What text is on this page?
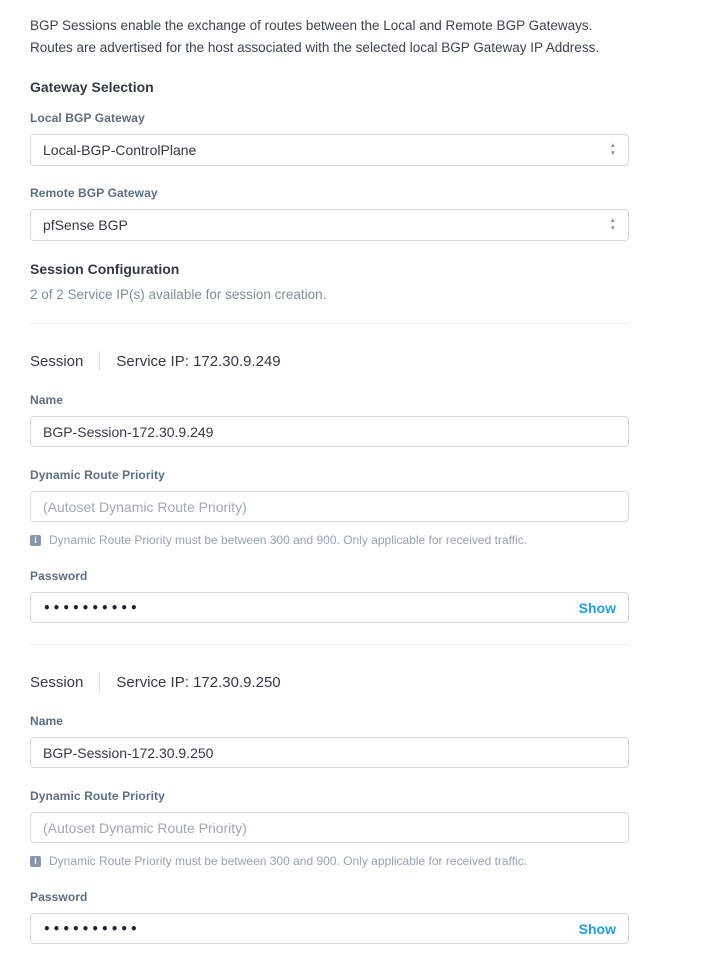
BGP Sessions enable the exchange of routes between the Local and Remote BGP Gateways.
Routes are advertised for the host associated with the selected local BGP Gateway IP Address.
Gateway Selection
Local BGP Gateway
Local-BGP-ControlPlane	▲
▼
Remote BGP Gateway
pfSense BGP	▲
▼
Session Configuration
2 of 2 Service IP(s) available for session creation.
Session Service IP: 172.30.9.249
Name
BGP-Session-172.30.9.249
Dynamic Route Priority
(Autoset Dynamic Route Priority)
i	Dynamic Route Priority must be between 300 and 900. Only applicable for received traffic.
Password
••••••••••
Show
Session Service IP: 172.30.9.250
Name
BGP-Session-172.30.9.250
Dynamic Route Priority
(Autoset Dynamic Route Priority)
i	Dynamic Route Priority must be between 300 and 900. Only applicable for received traffic.
Password
••••••••••
Show
